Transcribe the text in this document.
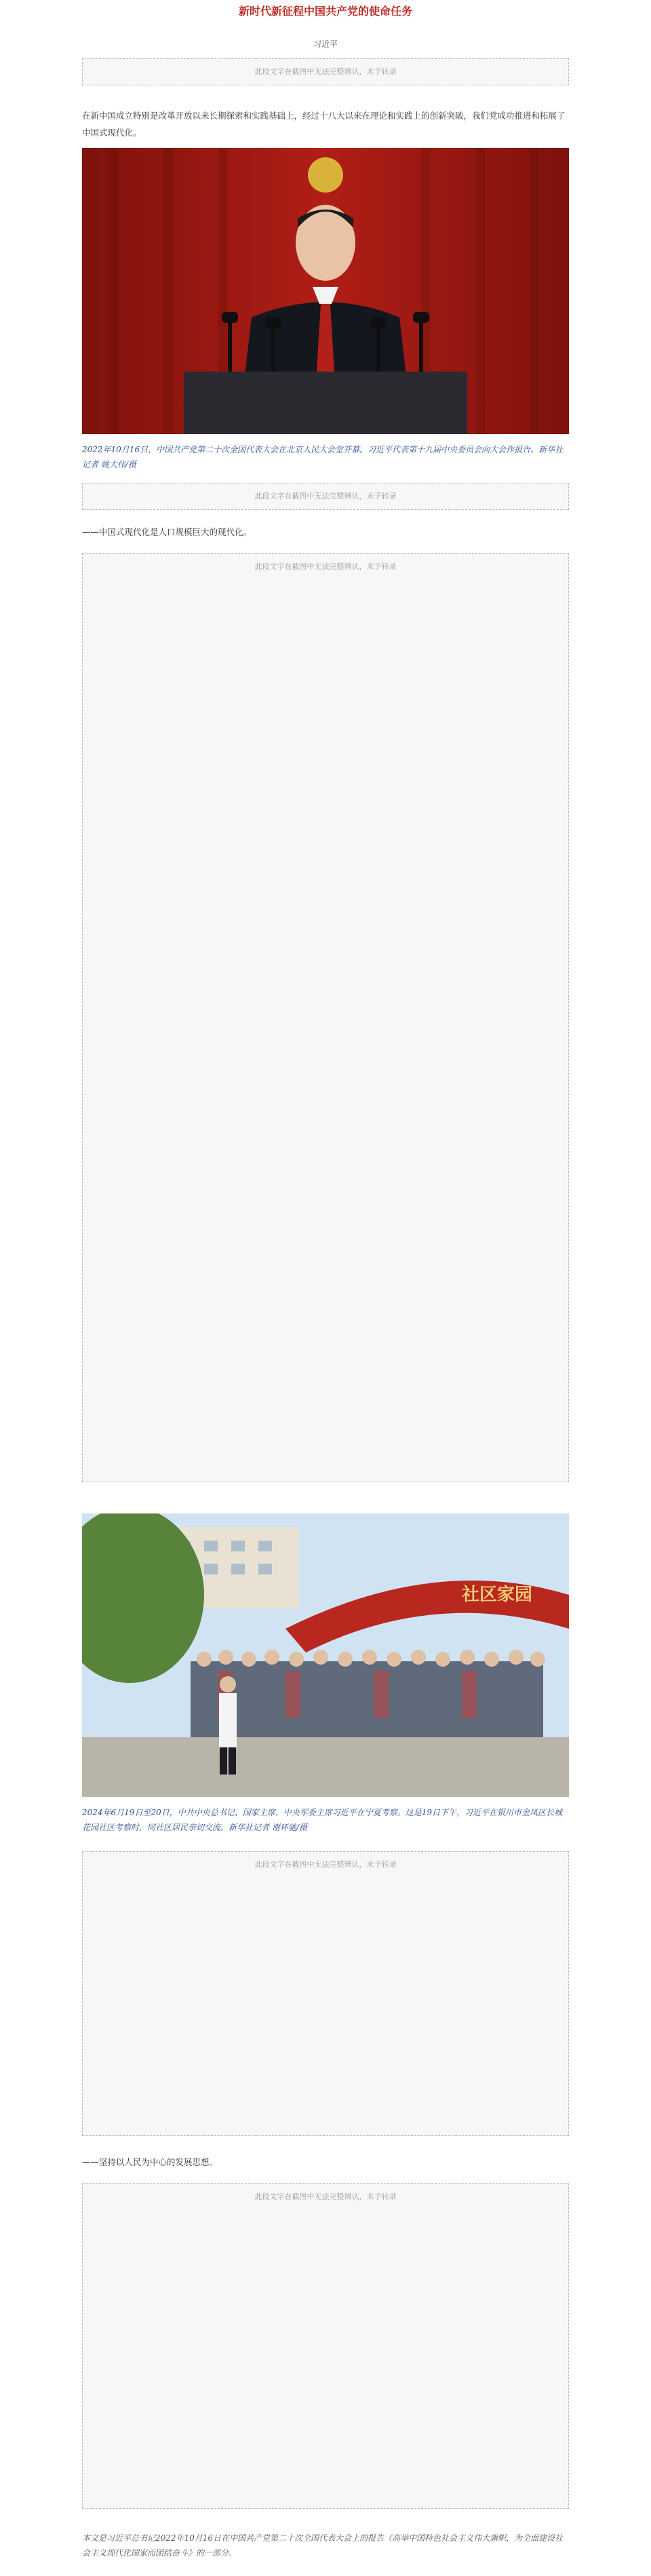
新时代新征程中国共产党的使命任务
习近平
此段文字在截图中无法完整辨认，未予转录

在新中国成立特别是改革开放以来长期探索和实践基础上，经过十八大以来在理论和实践上的创新突破，我们党成功推进和拓展了中国式现代化。

2022年10月16日，中国共产党第二十次全国代表大会在北京人民大会堂开幕。习近平代表第十九届中央委员会向大会作报告。新华社记者 姚大伟/摄

此段文字在截图中无法完整辨认，未予转录

——中国式现代化是人口规模巨大的现代化。

此段文字在截图中无法完整辨认，未予转录
社区家园

2024年6月19日至20日，中共中央总书记、国家主席、中央军委主席习近平在宁夏考察。这是19日下午，习近平在银川市金凤区长城花园社区考察时，同社区居民亲切交流。新华社记者 谢环驰/摄

此段文字在截图中无法完整辨认，未予转录

——坚持以人民为中心的发展思想。

此段文字在截图中无法完整辨认，未予转录

本文是习近平总书记2022年10月16日在中国共产党第二十次全国代表大会上的报告《高举中国特色社会主义伟大旗帜，为全面建设社会主义现代化国家而团结奋斗》的一部分。
